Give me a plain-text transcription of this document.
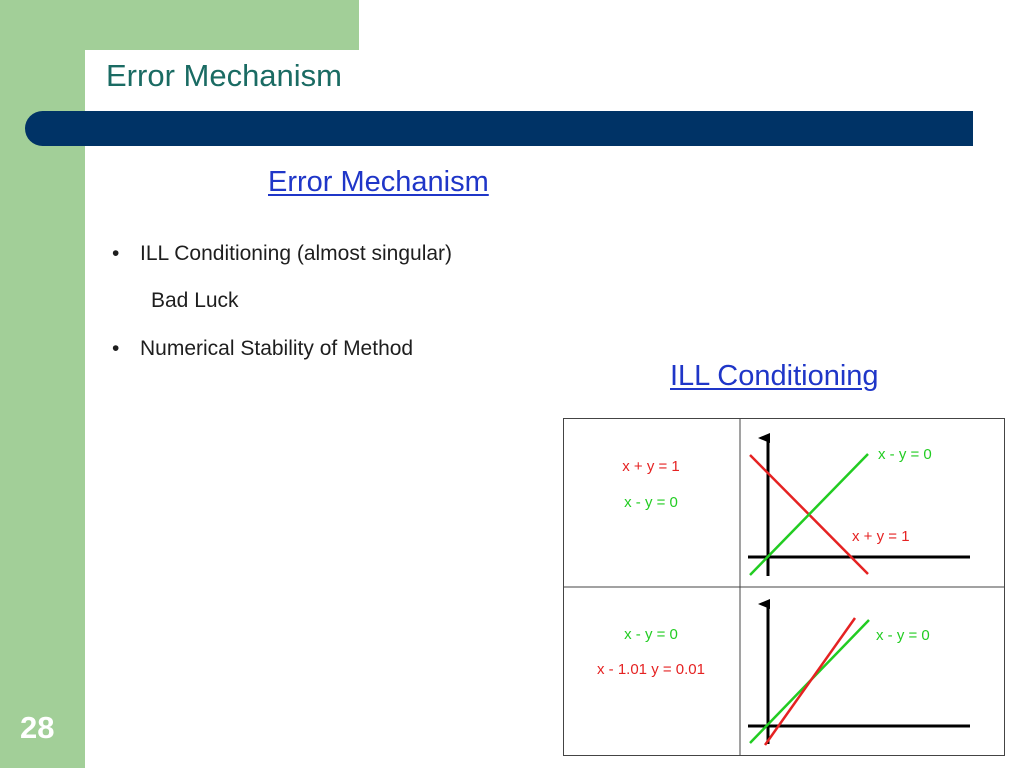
Error Mechanism
28
Error Mechanism
• ILL Conditioning (almost singular)
Bad Luck
• Numerical Stability of Method
ILL Conditioning
x - y = 0
x + y = 1
x - y = 0
x + y = 1
x - y = 0
x - y = 0
x - 1.01 y = 0.01
